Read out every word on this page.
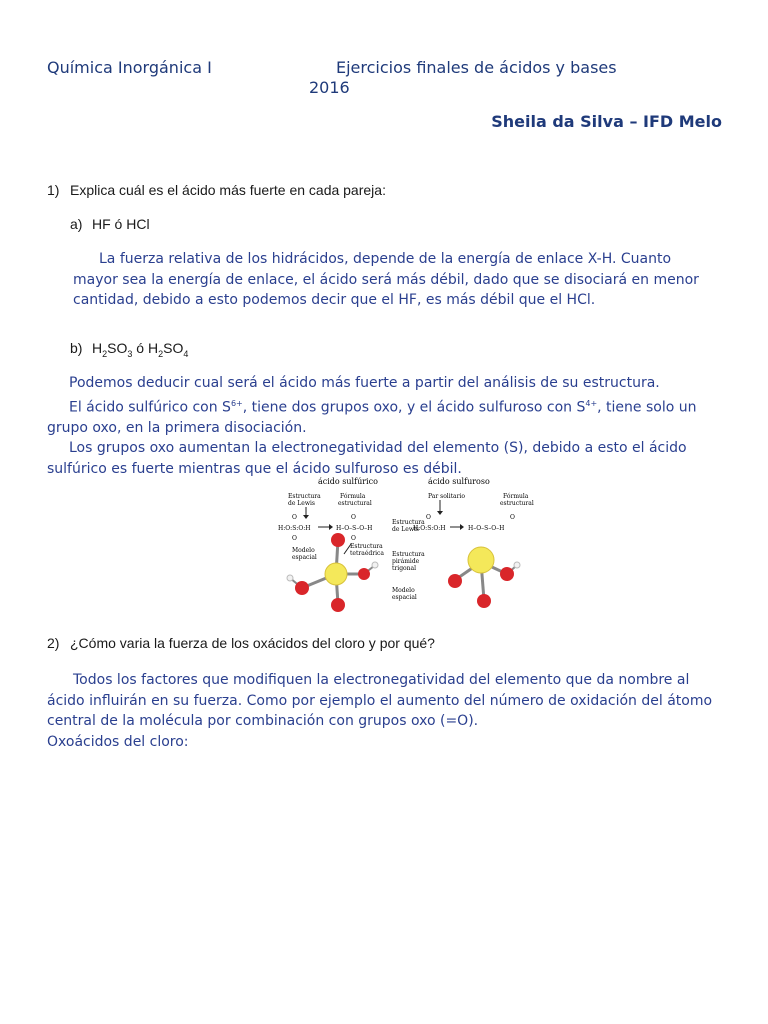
Química Inorgánica I	Ejercicios finales de ácidos y bases
2016
Sheila da Silva – IFD Melo
1) Explica cuál es el ácido más fuerte en cada pareja:
a) HF ó HCl
La fuerza relativa de los hidrácidos, depende de la energía de enlace X-H. Cuanto
mayor sea la energía de enlace, el ácido será más débil, dado que se disociará en menor
cantidad, debido a esto podemos decir que el HF, es más débil que el HCl.
b) $H_2SO_3$ ó $H_2SO_4$
Podemos deducir cual será el ácido más fuerte a partir del análisis de su estructura.
El ácido sulfúrico con $S^{6+}$, tiene dos grupos oxo, y el ácido sulfuroso con $S^{4+}$, tiene solo un
grupo oxo, en la primera disociación.
Los grupos oxo aumentan la electronegatividad del elemento (S), debido a esto el ácido
sulfúrico es fuerte mientras que el ácido sulfuroso es débil.
ácido sulfúrico
Estructura
de Lewis
Fórmula
estructural
O
H:O:S:O:H
O
O
H–O–S–O–H
O
Modelo
espacial
Estructura
tetraédrica
ácido sulfuroso
Par solitario	Fórmula
estructural
Estructura
de Lewis
O
H:O:S:O:H
O
H–O–S–O–H
Estructura
pirámide
trigonal
Modelo
espacial
2) ¿Cómo varia la fuerza de los oxácidos del cloro y por qué?
Todos los factores que modifiquen la electronegatividad del elemento que da nombre al
ácido influirán en su fuerza. Como por ejemplo el aumento del número de oxidación del átomo
central de la molécula por combinación con grupos oxo (=O).
Oxoácidos del cloro:
